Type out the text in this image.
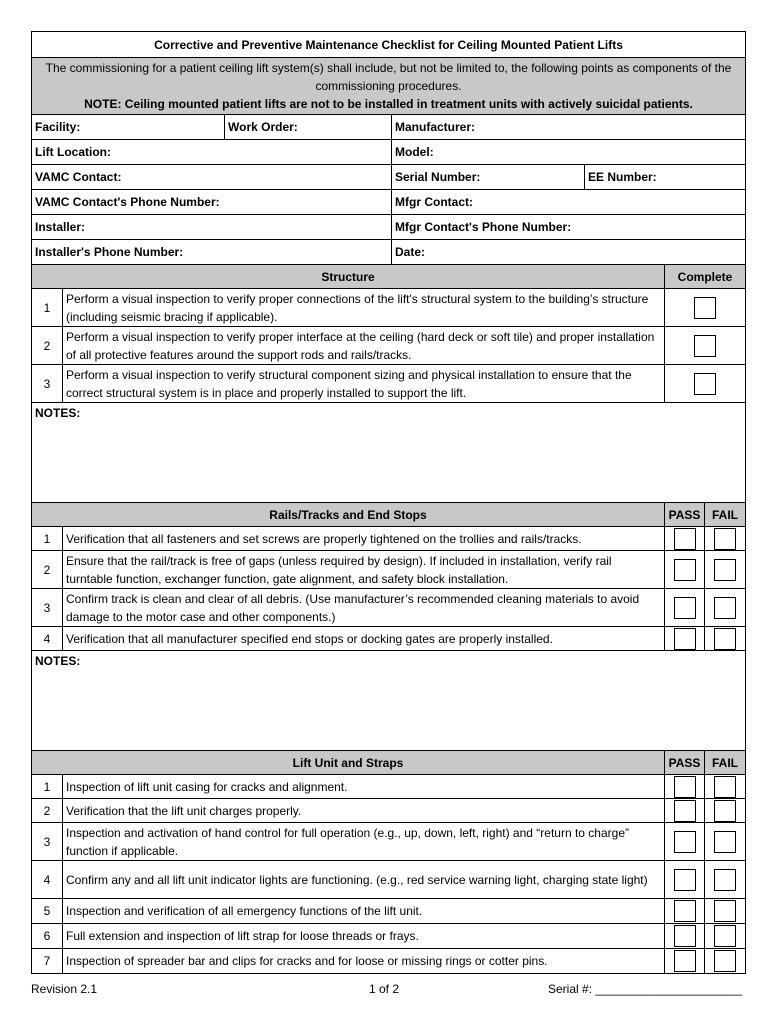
Corrective and Preventive Maintenance Checklist for Ceiling Mounted Patient Lifts						
The commissioning for a patient ceiling lift system(s) shall include, but not be limited to, the following points as components of the commissioning procedures.
NOTE: Ceiling mounted patient lifts are not to be installed in treatment units with actively suicidal patients.						

Facility:		Work Order:	Manufacturer:			
Lift Location:			Model:			
VAMC Contact:			Serial Number:	EE Number:		
VAMC Contact's Phone Number:			Mfgr Contact:			
Installer:			Mfgr Contact's Phone Number:			
Installer's Phone Number:			Date:			
Structure					Complete	
1	Perform a visual inspection to verify proper connections of the lift's structural system to the building’s structure (including seismic bracing if applicable).					
2	Perform a visual inspection to verify proper interface at the ceiling (hard deck or soft tile) and proper installation of all protective features around the support rods and rails/tracks.					
3	Perform a visual inspection to verify structural component sizing and physical installation to ensure that the correct structural system is in place and properly installed to support the lift.					
NOTES:						
Rails/Tracks and End Stops					PASS	FAIL
1	Verification that all fasteners and set screws are properly tightened on the trollies and rails/tracks.					
2	Ensure that the rail/track is free of gaps (unless required by design). If included in installation, verify rail turntable function, exchanger function, gate alignment, and safety block installation.					
3	Confirm track is clean and clear of all debris. (Use manufacturer’s recommended cleaning materials to avoid damage to the motor case and other components.)					
4	Verification that all manufacturer specified end stops or docking gates are properly installed.					
NOTES:						
Lift Unit and Straps					PASS	FAIL
1	Inspection of lift unit casing for cracks and alignment.					
2	Verification that the lift unit charges properly.					
3	Inspection and activation of hand control for full operation (e.g., up, down, left, right) and “return to charge” function if applicable.					
4	Confirm any and all lift unit indicator lights are functioning. (e.g., red service warning light, charging state light)					
5	Inspection and verification of all emergency functions of the lift unit.					
6	Full extension and inspection of lift strap for loose threads or frays.					
7	Inspection of spreader bar and clips for cracks and for loose or missing rings or cotter pins.					
Revision 2.1	1 of 2	Serial #: ______________________
